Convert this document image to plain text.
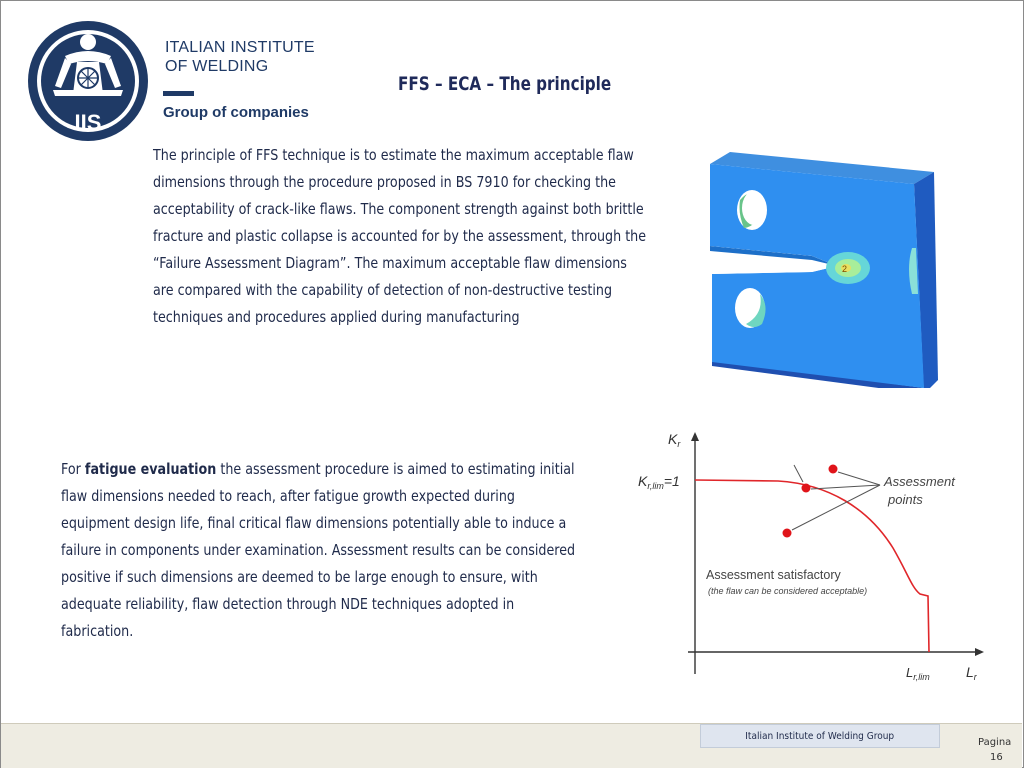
IIS
ITALIAN INSTITUTE
OF WELDING
Group of companies
FFS – ECA – The principle
The principle of FFS technique is to estimate the maximum acceptable flaw dimensions through the procedure proposed in BS 7910 for checking the acceptability of crack-like flaws. The component strength against both brittle fracture and plastic collapse is accounted for by the assessment, through the “Failure Assessment Diagram”. The maximum acceptable flaw dimensions are compared with the capability of detection of non-destructive testing techniques and procedures applied during manufacturing
For fatigue evaluation the assessment procedure is aimed to estimating initial flaw dimensions needed to reach, after fatigue growth expected during equipment design life, final critical flaw dimensions potentially able to induce a failure in components under examination. Assessment results can be considered positive if such dimensions are deemed to be large enough to ensure, with adequate reliability, flaw detection through NDE techniques adopted in fabrication.
2
$K_r$
$L_r$
$K_{r,lim}=1$
$L_{r,lim}$
Assessment
points
Assessment satisfactory
(the flaw can be considered acceptable)
Italian Institute of Welding Group
Pagina
16
